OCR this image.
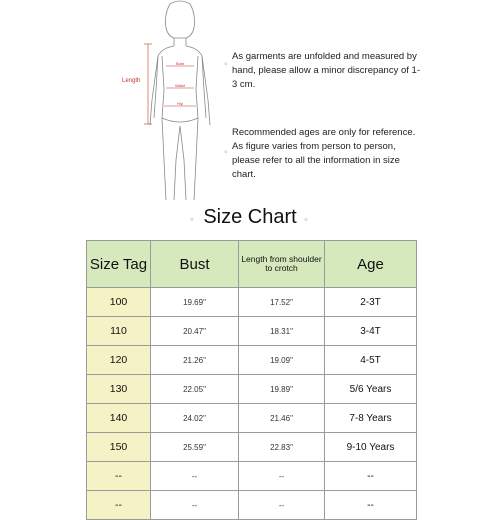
Bust
Waist
Hip
Length
◦
As garments are unfolded and measured by hand, please allow a minor discrepancy of 1-3 cm.
◦
Recommended ages are only for reference. As figure varies from person to person, please refer to all the information in size chart.
◦ Size Chart ◦
Size Tag	Bust	Length from shoulder to crotch	Age
100	19.69"	17.52"	2-3T
110	20.47"	18.31"	3-4T
120	21.26"	19.09"	4-5T
130	22.05"	19.89"	5/6 Years
140	24.02"	21.46"	7-8 Years
150	25.59"	22.83"	9-10 Years
--	--	--	--
--	--	--	--
